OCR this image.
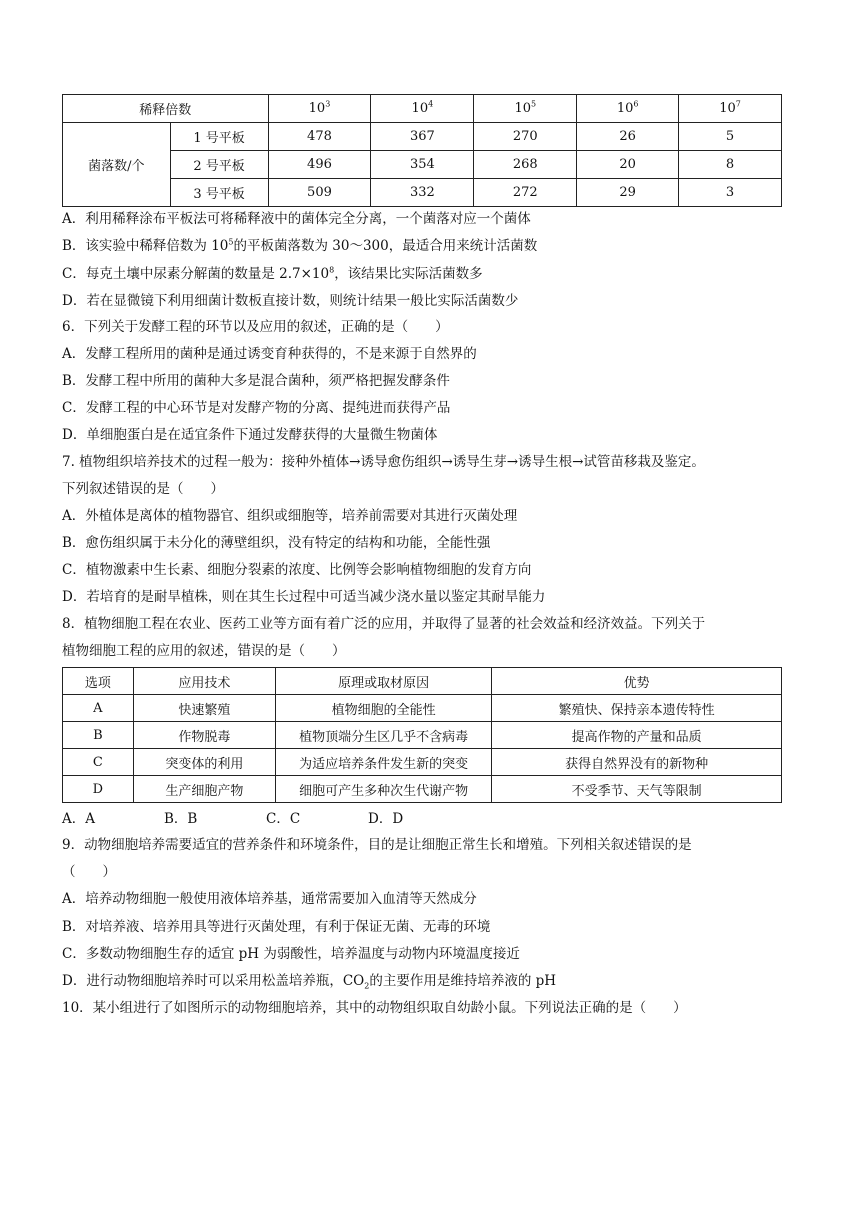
稀释倍数		$10^3$	$10^4$	$10^5$	$10^6$	$10^7$
菌落数/个	1 号平板	478	367	270	26	5
	2 号平板	496	354	268	20	8
	3 号平板	509	332	272	29	3
A．利用稀释涂布平板法可将稀释液中的菌体完全分离，一个菌落对应一个菌体
B．该实验中稀释倍数为 $10^5$的平板菌落数为 30～300，最适合用来统计活菌数
C．每克土壤中尿素分解菌的数量是 $2.7\times 10^8$，该结果比实际活菌数多
D．若在显微镜下利用细菌计数板直接计数，则统计结果一般比实际活菌数少
6．下列关于发酵工程的环节以及应用的叙述，正确的是（　　）
A．发酵工程所用的菌种是通过诱变育种获得的，不是来源于自然界的
B．发酵工程中所用的菌种大多是混合菌种，须严格把握发酵条件
C．发酵工程的中心环节是对发酵产物的分离、提纯进而获得产品
D．单细胞蛋白是在适宜条件下通过发酵获得的大量微生物菌体
7. 植物组织培养技术的过程一般为：接种外植体→诱导愈伤组织→诱导生芽→诱导生根→试管苗移栽及鉴定。
下列叙述错误的是（　　）
A．外植体是离体的植物器官、组织或细胞等，培养前需要对其进行灭菌处理
B．愈伤组织属于未分化的薄壁组织，没有特定的结构和功能，全能性强
C．植物激素中生长素、细胞分裂素的浓度、比例等会影响植物细胞的发育方向
D．若培育的是耐旱植株，则在其生长过程中可适当减少浇水量以鉴定其耐旱能力
8．植物细胞工程在农业、医药工业等方面有着广泛的应用，并取得了显著的社会效益和经济效益。下列关于
植物细胞工程的应用的叙述，错误的是（　　）
选项	应用技术	原理或取材原因	优势
A	快速繁殖	植物细胞的全能性	繁殖快、保持亲本遗传特性
B	作物脱毒	植物顶端分生区几乎不含病毒	提高作物的产量和品质
C	突变体的利用	为适应培养条件发生新的突变	获得自然界没有的新物种
D	生产细胞产物	细胞可产生多种次生代谢产物	不受季节、天气等限制
A．A	B．B	C．C	D．D
9．动物细胞培养需要适宜的营养条件和环境条件，目的是让细胞正常生长和增殖。下列相关叙述错误的是
（　　）
A．培养动物细胞一般使用液体培养基，通常需要加入血清等天然成分
B．对培养液、培养用具等进行灭菌处理，有利于保证无菌、无毒的环境
C．多数动物细胞生存的适宜 pH 为弱酸性，培养温度与动物内环境温度接近
D．进行动物细胞培养时可以采用松盖培养瓶，$CO_2$的主要作用是维持培养液的 pH
10．某小组进行了如图所示的动物细胞培养，其中的动物组织取自幼龄小鼠。下列说法正确的是（　　）
